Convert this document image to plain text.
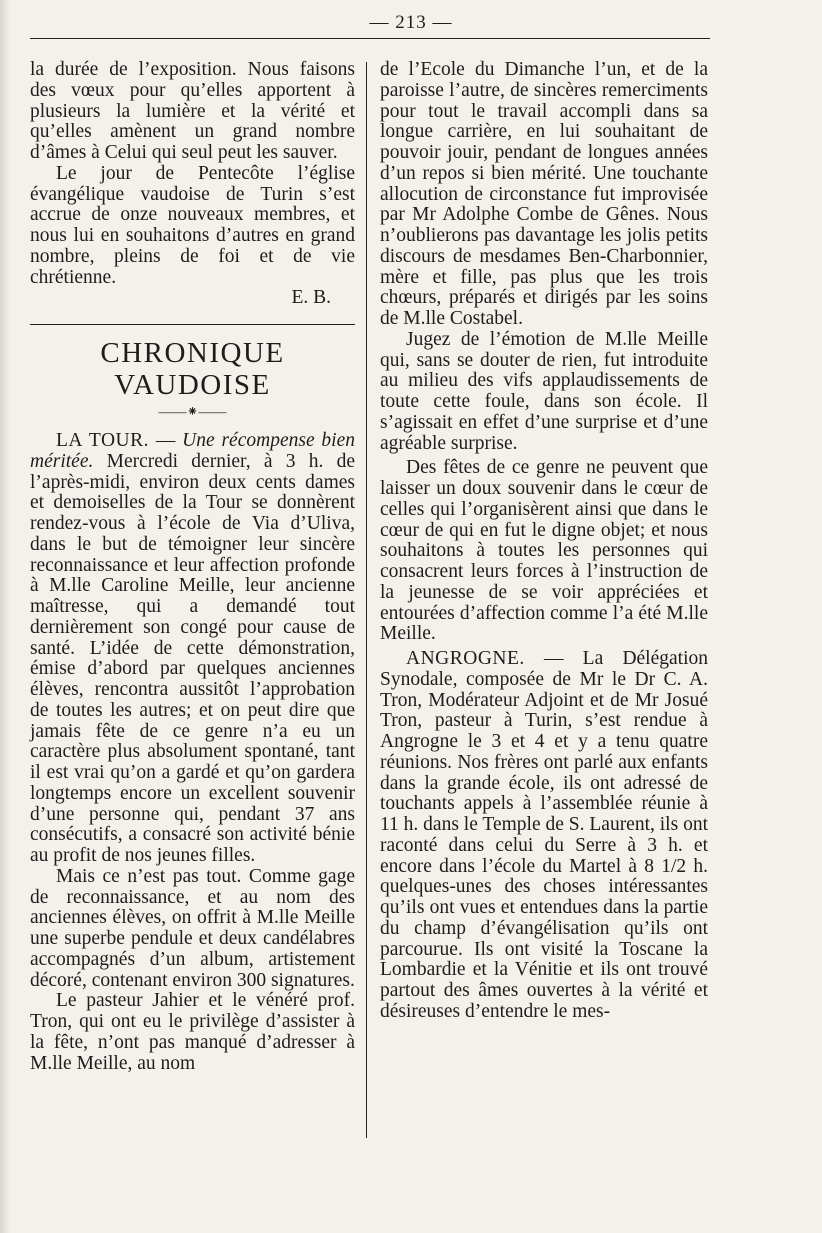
— 213 —

la durée de l’exposition. Nous faisons des vœux pour qu’elles apportent à plusieurs la lumière et la vérité et qu’elles amènent un grand nombre d’âmes à Celui qui seul peut les sauver.

Le jour de Pentecôte l’église évangélique vaudoise de Turin s’est accrue de onze nouveaux membres, et nous lui en souhaitons d’autres en grand nombre, pleins de foi et de vie chrétienne.

E. B.

CHRONIQUE VAUDOISE
——⁕——

LA TOUR. — Une récompense bien méritée. Mercredi dernier, à 3 h. de l’après-midi, environ deux cents dames et demoiselles de la Tour se donnèrent rendez-vous à l’école de Via d’Uliva, dans le but de témoigner leur sincère reconnaissance et leur affection profonde à M.lle Caroline Meille, leur ancienne maîtresse, qui a demandé tout dernièrement son congé pour cause de santé. L’idée de cette démonstration, émise d’abord par quelques anciennes élèves, rencontra aussitôt l’approbation de toutes les autres; et on peut dire que jamais fête de ce genre n’a eu un caractère plus absolument spontané, tant il est vrai qu’on a gardé et qu’on gardera longtemps encore un excellent souvenir d’une personne qui, pendant 37 ans consécutifs, a consacré son activité bénie au profit de nos jeunes filles.

Mais ce n’est pas tout. Comme gage de reconnaissance, et au nom des anciennes élèves, on offrit à M.lle Meille une superbe pendule et deux candélabres accompagnés d’un album, artistement décoré, contenant environ 300 signatures.

Le pasteur Jahier et le vénéré prof. Tron, qui ont eu le privilège d’assister à la fête, n’ont pas manqué d’adresser à M.lle Meille, au nom

de l’Ecole du Dimanche l’un, et de la paroisse l’autre, de sincères remerciments pour tout le travail accompli dans sa longue carrière, en lui souhaitant de pouvoir jouir, pendant de longues années d’un repos si bien mérité. Une touchante allocution de circonstance fut improvisée par Mr Adolphe Combe de Gênes. Nous n’oublierons pas davantage les jolis petits discours de mesdames Ben-Charbonnier, mère et fille, pas plus que les trois chœurs, préparés et dirigés par les soins de M.lle Costabel.

Jugez de l’émotion de M.lle Meille qui, sans se douter de rien, fut introduite au milieu des vifs applaudissements de toute cette foule, dans son école. Il s’agissait en effet d’une surprise et d’une agréable surprise.

Des fêtes de ce genre ne peuvent que laisser un doux souvenir dans le cœur de celles qui l’organisèrent ainsi que dans le cœur de qui en fut le digne objet; et nous souhaitons à toutes les personnes qui consacrent leurs forces à l’instruction de la jeunesse de se voir appréciées et entourées d’affection comme l’a été M.lle Meille.

ANGROGNE. — La Délégation Synodale, composée de Mr le Dr C. A. Tron, Modérateur Adjoint et de Mr Josué Tron, pasteur à Turin, s’est rendue à Angrogne le 3 et 4 et y a tenu quatre réunions. Nos frères ont parlé aux enfants dans la grande école, ils ont adressé de touchants appels à l’assemblée réunie à 11 h. dans le Temple de S. Laurent, ils ont raconté dans celui du Serre à 3 h. et encore dans l’école du Martel à 8 1/2 h. quelques-unes des choses intéressantes qu’ils ont vues et entendues dans la partie du champ d’évangélisation qu’ils ont parcourue. Ils ont visité la Toscane la Lombardie et la Vénitie et ils ont trouvé partout des âmes ouvertes à la vérité et désireuses d’entendre le mes-
